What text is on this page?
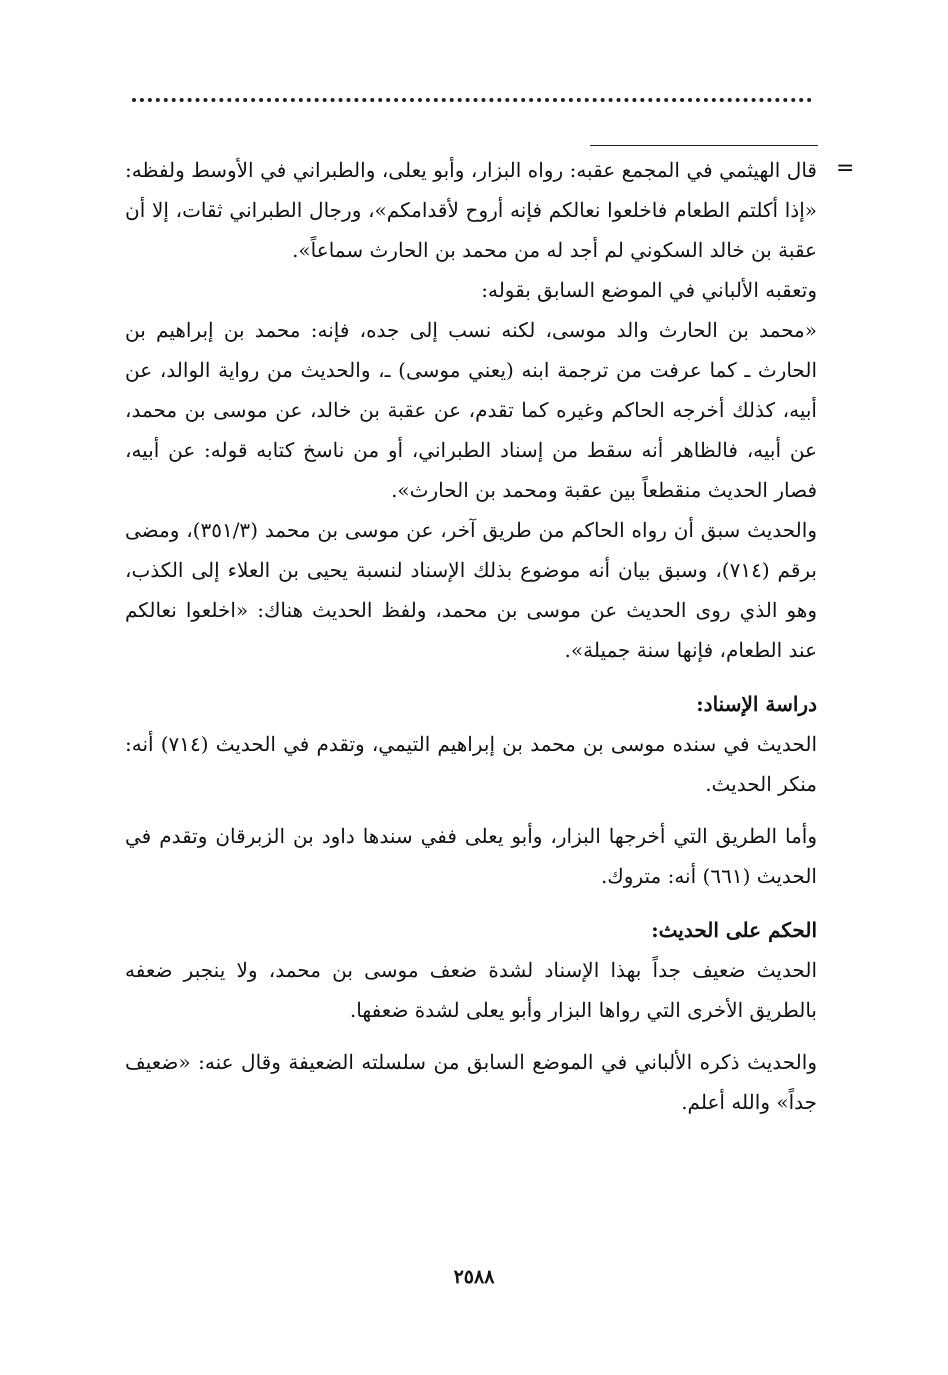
=

قال الهيثمي في المجمع عقبه: رواه البزار، وأبو يعلى، والطبراني في الأوسط ولفظه: «إذا أكلتم الطعام فاخلعوا نعالكم فإنه أروح لأقدامكم»، ورجال الطبراني ثقات، إلا أن عقبة بن خالد السكوني لم أجد له من محمد بن الحارث سماعاً».

وتعقبه الألباني في الموضع السابق بقوله:

«محمد بن الحارث والد موسى، لكنه نسب إلى جده، فإنه: محمد بن إبراهيم بن الحارث ـ كما عرفت من ترجمة ابنه (يعني موسى) ـ، والحديث من رواية الوالد، عن أبيه، كذلك أخرجه الحاكم وغيره كما تقدم، عن عقبة بن خالد، عن موسى بن محمد، عن أبيه، فالظاهر أنه سقط من إسناد الطبراني، أو من ناسخ كتابه قوله: عن أبيه، فصار الحديث منقطعاً بين عقبة ومحمد بن الحارث».

والحديث سبق أن رواه الحاكم من طريق آخر، عن موسى بن محمد (٣٥١/٣)، ومضى برقم (٧١٤)، وسبق بيان أنه موضوع بذلك الإسناد لنسبة يحيى بن العلاء إلى الكذب، وهو الذي روى الحديث عن موسى بن محمد، ولفظ الحديث هناك: «اخلعوا نعالكم عند الطعام، فإنها سنة جميلة».

دراسة الإسناد:

الحديث في سنده موسى بن محمد بن إبراهيم التيمي، وتقدم في الحديث (٧١٤) أنه: منكر الحديث.

وأما الطريق التي أخرجها البزار، وأبو يعلى ففي سندها داود بن الزبرقان وتقدم في الحديث (٦٦١) أنه: متروك.

الحكم على الحديث:

الحديث ضعيف جداً بهذا الإسناد لشدة ضعف موسى بن محمد، ولا ينجبر ضعفه بالطريق الأخرى التي رواها البزار وأبو يعلى لشدة ضعفها.

والحديث ذكره الألباني في الموضع السابق من سلسلته الضعيفة وقال عنه: «ضعيف جداً» والله أعلم.

٢٥٨٨
